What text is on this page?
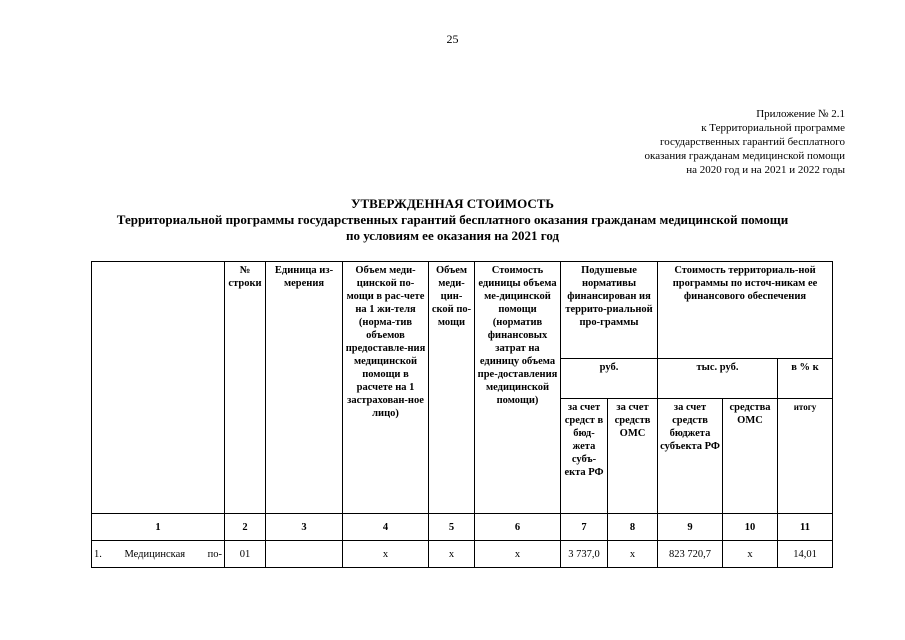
25
Приложение № 2.1
к Территориальной программе
государственных гарантий бесплатного
оказания гражданам медицинской помощи
на 2020 год и на 2021 и 2022 годы
УТВЕРЖДЕННАЯ СТОИМОСТЬ
Территориальной программы государственных гарантий бесплатного оказания гражданам медицинской помощи
по условиям ее оказания на 2021 год
	№ строки	Единица из-мерения	Объем меди-цинской по-мощи в рас-чете на 1 жи-теля (норма-тив объемов предоставле-ния медицинской помощи в расчете на 1 застрахован-ное лицо)	Объем меди-цин-ской по-мощи	Стоимость единицы объема ме-дицинской помощи (норматив финансовых затрат на единицу объема пре-доставления медицинской помощи)	Подушевые нормативы финансирован ия террито-риальной про-граммы		Стоимость территориаль-ной программы по источ-никам ее финансового обеспечения		
						руб.		тыс. руб.		в % к
						за счет средст в бюд-жета субъ-екта РФ	за счет средств ОМС	за счет средств бюджета субъекта РФ	средства ОМС	итогу
1	2	3	4	5	6	7	8	9	10	11
1. Медицинская по-	01		х	х	х	3 737,0	х	823 720,7	х	14,01
